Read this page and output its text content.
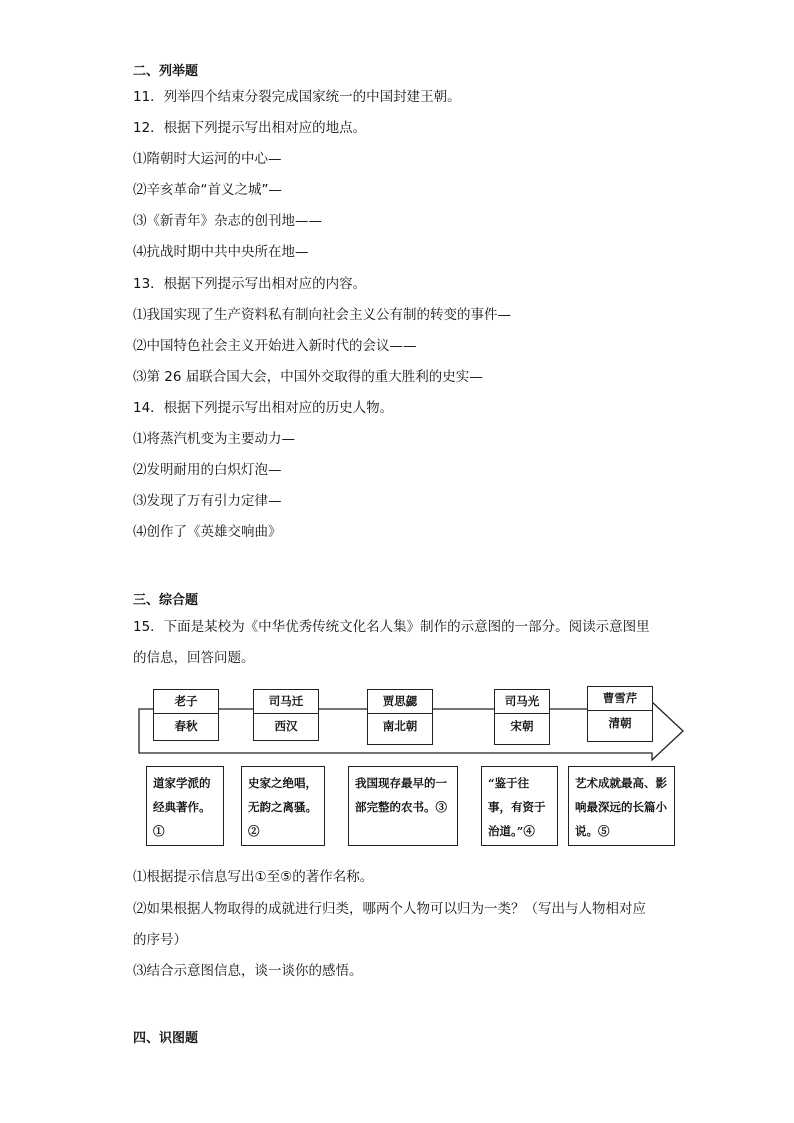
二、列举题
11．列举四个结束分裂完成国家统一的中国封建王朝。
12．根据下列提示写出相对应的地点。
⑴隋朝时大运河的中心—
⑵辛亥革命“首义之城”—
⑶《新青年》杂志的创刊地——
⑷抗战时期中共中央所在地—
13．根据下列提示写出相对应的内容。
⑴我国实现了生产资料私有制向社会主义公有制的转变的事件—
⑵中国特色社会主义开始进入新时代的会议——
⑶第 26 届联合国大会，中国外交取得的重大胜利的史实—
14．根据下列提示写出相对应的历史人物。
⑴将蒸汽机变为主要动力—
⑵发明耐用的白炽灯泡—
⑶发现了万有引力定律—
⑷创作了《英雄交响曲》
三、综合题
15．下面是某校为《中华优秀传统文化名人集》制作的示意图的一部分。阅读示意图里
的信息，回答问题。
老子
春秋
司马迁
西汉
贾思勰
南北朝
司马光
宋朝
曹雪芹
清朝
道家学派的经典著作。①
史家之绝唱，无韵之离骚。②
我国现存最早的一部完整的农书。③
“鉴于往事，有资于治道。”④
艺术成就最高、影响最深远的长篇小说。⑤
⑴根据提示信息写出①至⑤的著作名称。
⑵如果根据人物取得的成就进行归类，哪两个人物可以归为一类？（写出与人物相对应
的序号）
⑶结合示意图信息，谈一谈你的感悟。
四、识图题
